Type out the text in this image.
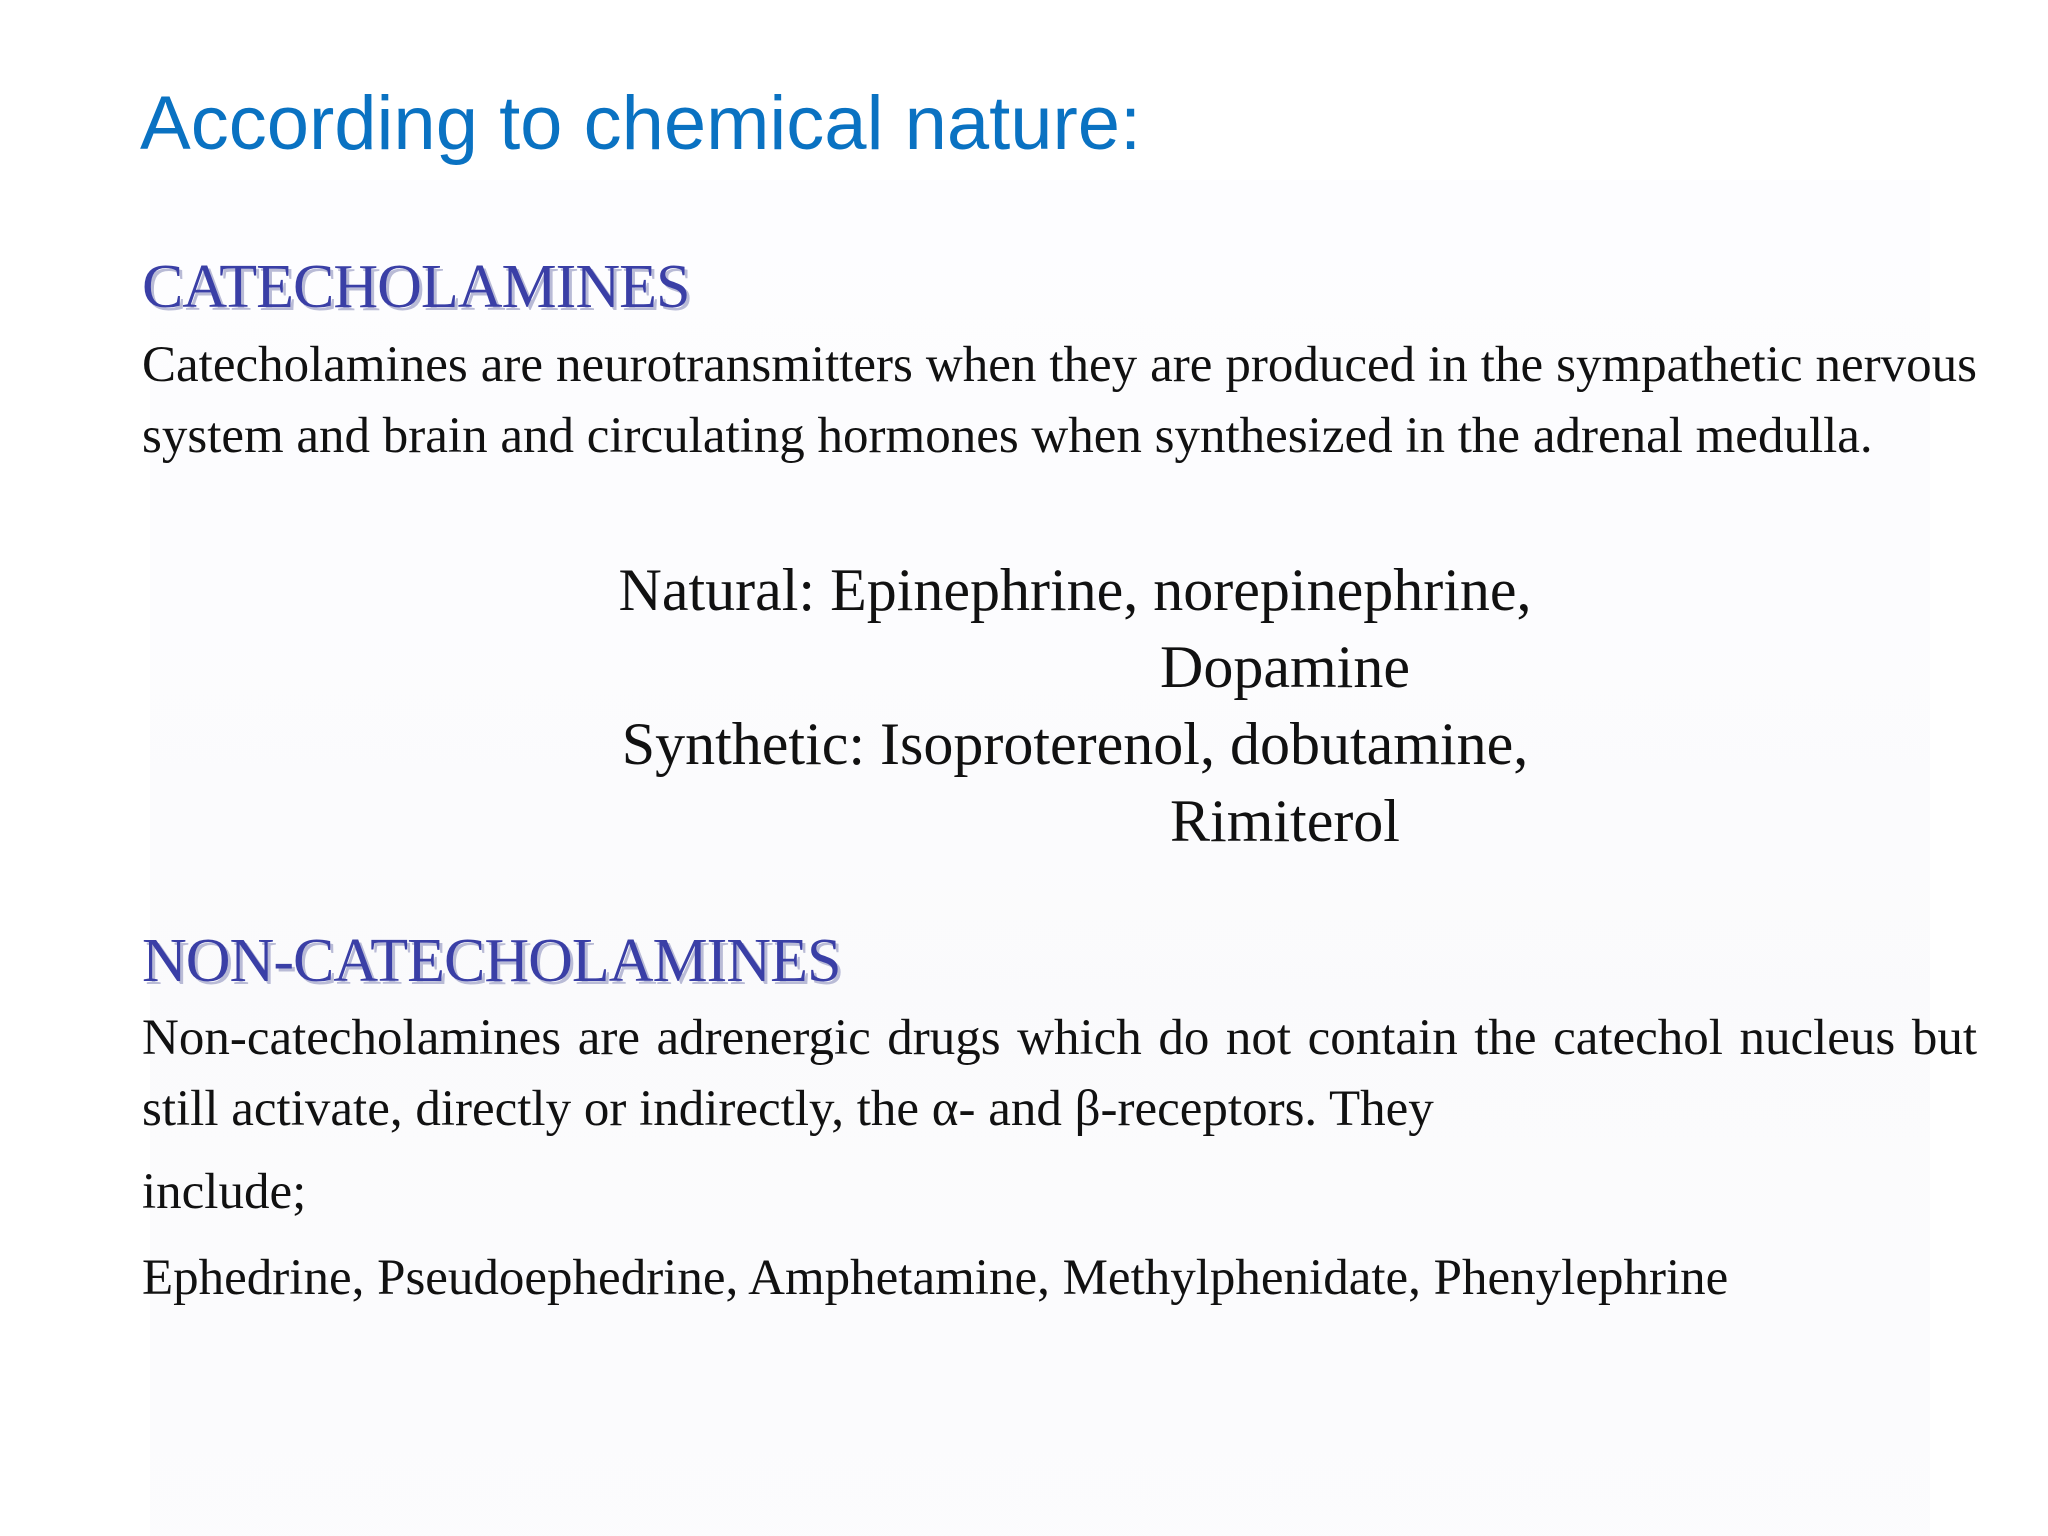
According to chemical nature:
CATECHOLAMINES

Catecholamines are neurotransmitters when they are produced in the sympathetic nervous system and brain and circulating hormones when synthesized in the adrenal medulla.

Natural: Epinephrine, norepinephrine,
Dopamine
Synthetic: Isoproterenol, dobutamine,
Rimiterol
NON-CATECHOLAMINES
Non-catecholamines are adrenergic drugs which do not contain the catechol nucleus but still activate, directly or indirectly, the α- and β-receptors. They
include;

Ephedrine, Pseudoephedrine, Amphetamine, Methylphenidate, Phenylephrine
